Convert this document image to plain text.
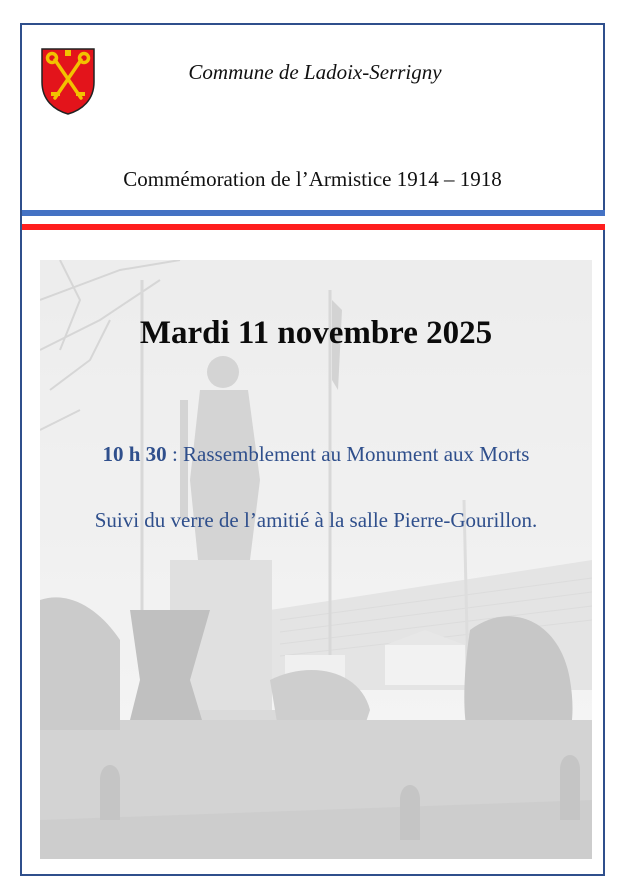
Commune de Ladoix-Serrigny
Commémoration de l’Armistice 1914 – 1918
Mardi 11 novembre 2025
10 h 30 : Rassemblement au Monument aux Morts
Suivi du verre de l’amitié à la salle Pierre-Gourillon.
